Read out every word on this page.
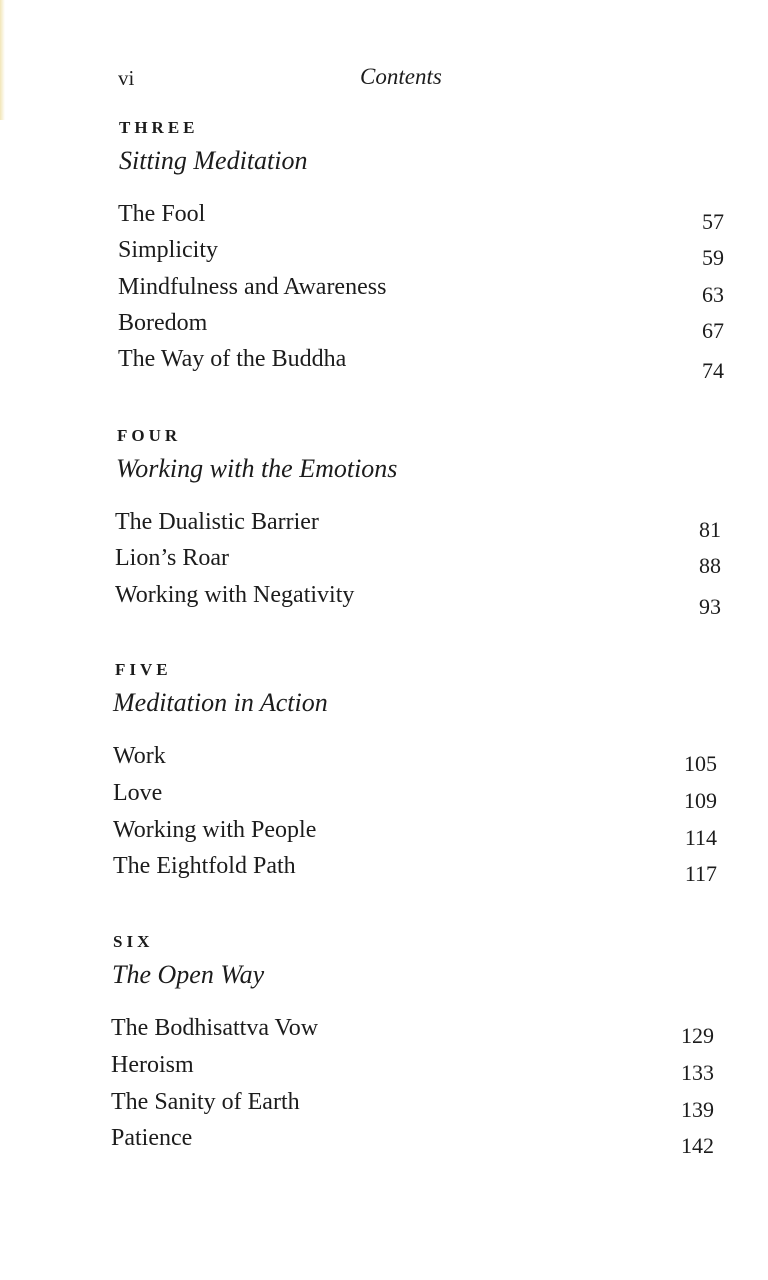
vi	Contents
THREE
Sitting Meditation
The Fool	57
Simplicity	59
Mindfulness and Awareness	63
Boredom	67
The Way of the Buddha	74
FOUR
Working with the Emotions
The Dualistic Barrier	81
Lion’s Roar	88
Working with Negativity	93
FIVE
Meditation in Action
Work	105
Love	109
Working with People	114
The Eightfold Path	117
SIX
The Open Way
The Bodhisattva Vow	129
Heroism	133
The Sanity of Earth	139
Patience	142
